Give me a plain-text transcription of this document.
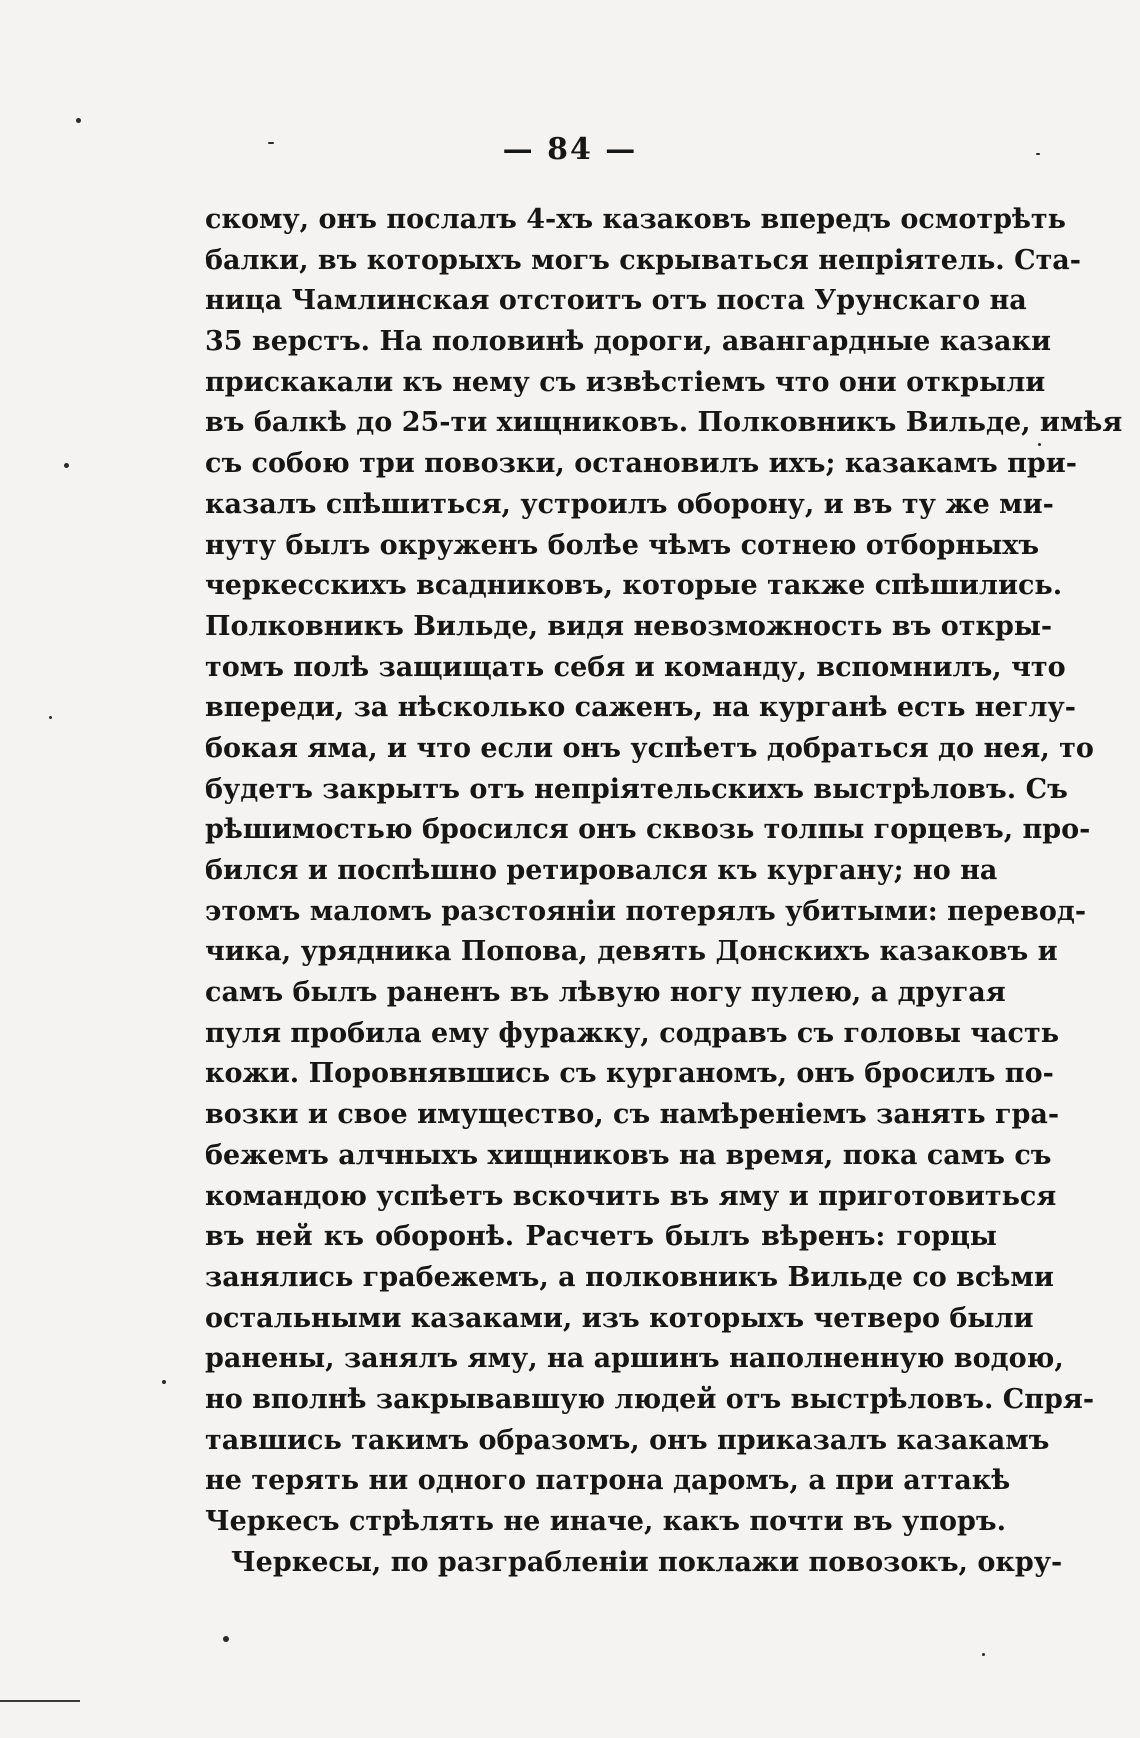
— 84 —
скому, онъ послалъ 4-хъ казаковъ впередъ осмотрѣть
балки, въ которыхъ могъ скрываться непріятель. Ста-
ница Чамлинская отстоитъ отъ поста Урунскаго на
35 верстъ. На половинѣ дороги, авангардные казаки
прискакали къ нему съ извѣстіемъ что они открыли
въ балкѣ до 25-ти хищниковъ. Полковникъ Вильде, имѣя
съ собою три повозки, остановилъ ихъ; казакамъ при-
казалъ спѣшиться, устроилъ оборону, и въ ту же ми-
нуту былъ окруженъ болѣе чѣмъ сотнею отборныхъ
черкесскихъ всадниковъ, которые также спѣшились.
Полковникъ Вильде, видя невозможность въ откры-
томъ полѣ защищать себя и команду, вспомнилъ, что
впереди, за нѣсколько саженъ, на курганѣ есть неглу-
бокая яма, и что если онъ успѣетъ добраться до нея, то
будетъ закрытъ отъ непріятельскихъ выстрѣловъ. Съ
рѣшимостью бросился онъ сквозь толпы горцевъ, про-
бился и поспѣшно ретировался къ кургану; но на
этомъ маломъ разстояніи потерялъ убитыми: перевод-
чика, урядника Попова, девять Донскихъ казаковъ и
самъ былъ раненъ въ лѣвую ногу пулею, а другая
пуля пробила ему фуражку, содравъ съ головы часть
кожи. Поровнявшись съ курганомъ, онъ бросилъ по-
возки и свое имущество, съ намѣреніемъ занять гра-
бежемъ алчныхъ хищниковъ на время, пока самъ съ
командою успѣетъ вскочить въ яму и приготовиться
въ ней къ оборонѣ. Расчетъ былъ вѣренъ: горцы
занялись грабежемъ, а полковникъ Вильде со всѣми
остальными казаками, изъ которыхъ четверо были
ранены, занялъ яму, на аршинъ наполненную водою,
но вполнѣ закрывавшую людей отъ выстрѣловъ. Спря-
тавшись такимъ образомъ, онъ приказалъ казакамъ
не терять ни одного патрона даромъ, а при аттакѣ
Черкесъ стрѣлять не иначе, какъ почти въ упоръ.
Черкесы, по разграбленіи поклажи повозокъ, окру-
